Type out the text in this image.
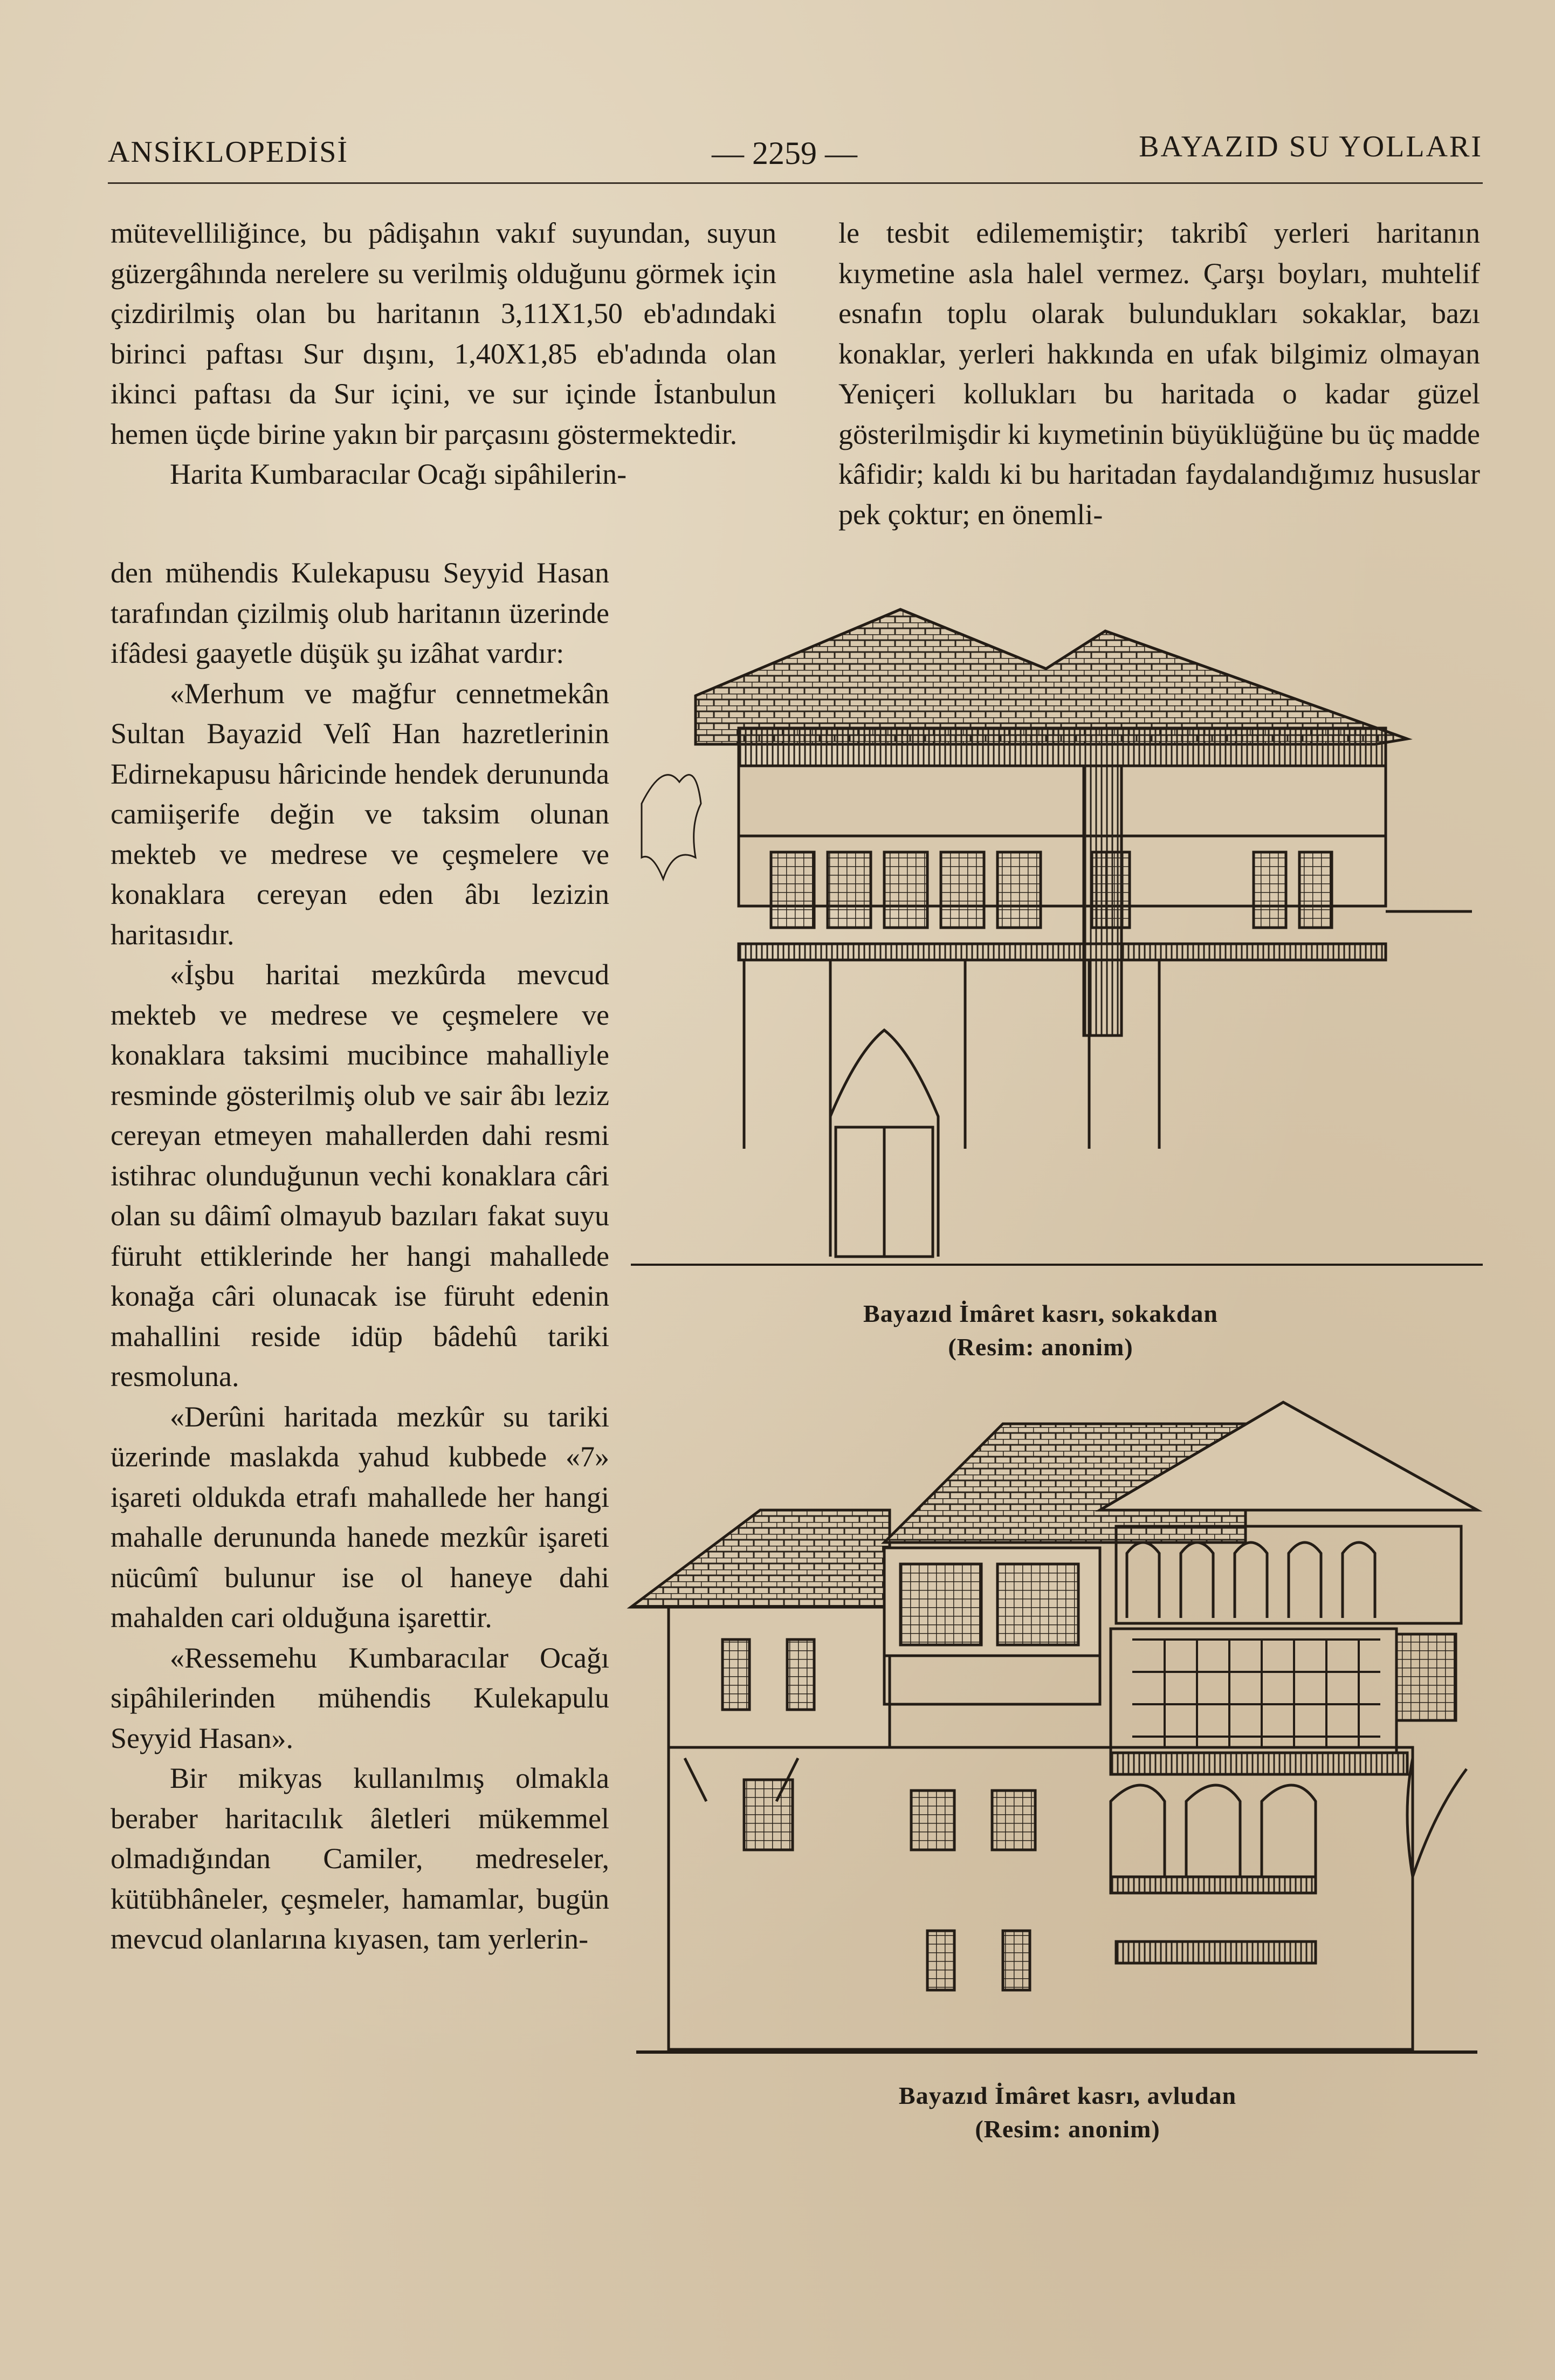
ANSİKLOPEDİSİ	— 2259 —	BAYAZID SU YOLLARI

mütevelliliğince, bu pâdişahın vakıf suyundan, suyun güzergâhında nerelere su verilmiş olduğunu görmek için çizdirilmiş olan bu haritanın 3,11X1,50 eb'adındaki birinci paftası Sur dışını, 1,40X1,85 eb'adında olan ikinci paftası da Sur içini, ve sur içinde İstanbulun hemen üçde birine yakın bir parçasını göstermektedir.

Harita Kumbaracılar Ocağı sipâhilerin-

den mühendis Kulekapusu Seyyid Hasan tarafından çizilmiş olub haritanın üzerinde ifâdesi gaayetle düşük şu izâhat vardır:

«Merhum ve mağfur cennetmekân Sultan Bayazid Velî Han hazretlerinin Edirnekapusu hâricinde hendek derununda camiişerife değin ve taksim olunan mekteb ve medrese ve çeşmelere ve konaklara cereyan eden âbı lezizin haritasıdır.

«İşbu haritai mezkûrda mevcud mekteb ve medrese ve çeşmelere ve konaklara taksimi mucibince mahalliyle resminde gösterilmiş olub ve sair âbı leziz cereyan etmeyen mahallerden dahi resmi istihrac olunduğunun vechi konaklara câri olan su dâimî olmayub bazıları fakat suyu füruht ettiklerinde her hangi mahallede konağa câri olunacak ise füruht edenin mahallini reside idüp bâdehû tariki resmoluna.

«Derûni haritada mezkûr su tariki üzerinde maslakda yahud kubbede «7» işareti oldukda etrafı mahallede her hangi mahalle derununda hanede mezkûr işareti nücûmî bulunur ise ol haneye dahi mahalden cari olduğuna işarettir.

«Ressemehu Kumbaracılar Ocağı sipâhilerinden mühendis Kulekapulu Seyyid Hasan».

Bir mikyas kullanılmış olmakla beraber haritacılık âletleri mükemmel olmadığından Camiler, medreseler, kütübhâneler, çeşmeler, hamamlar, bugün mevcud olanlarına kıyasen, tam yerlerin-

le tesbit edilememiştir; takribî yerleri haritanın kıymetine asla halel vermez. Çarşı boyları, muhtelif esnafın toplu olarak bulundukları sokaklar, bazı konaklar, yerleri hakkında en ufak bilgimiz olmayan Yeniçeri kollukları bu haritada o kadar güzel gösterilmişdir ki kıymetinin büyüklüğüne bu üç madde kâfidir; kaldı ki bu haritadan faydalandığımız hususlar pek çoktur; en önemli-

Bayazıd İmâret kasrı, sokakdan
(Resim: anonim)
Bayazıd İmâret kasrı, avludan
(Resim: anonim)
